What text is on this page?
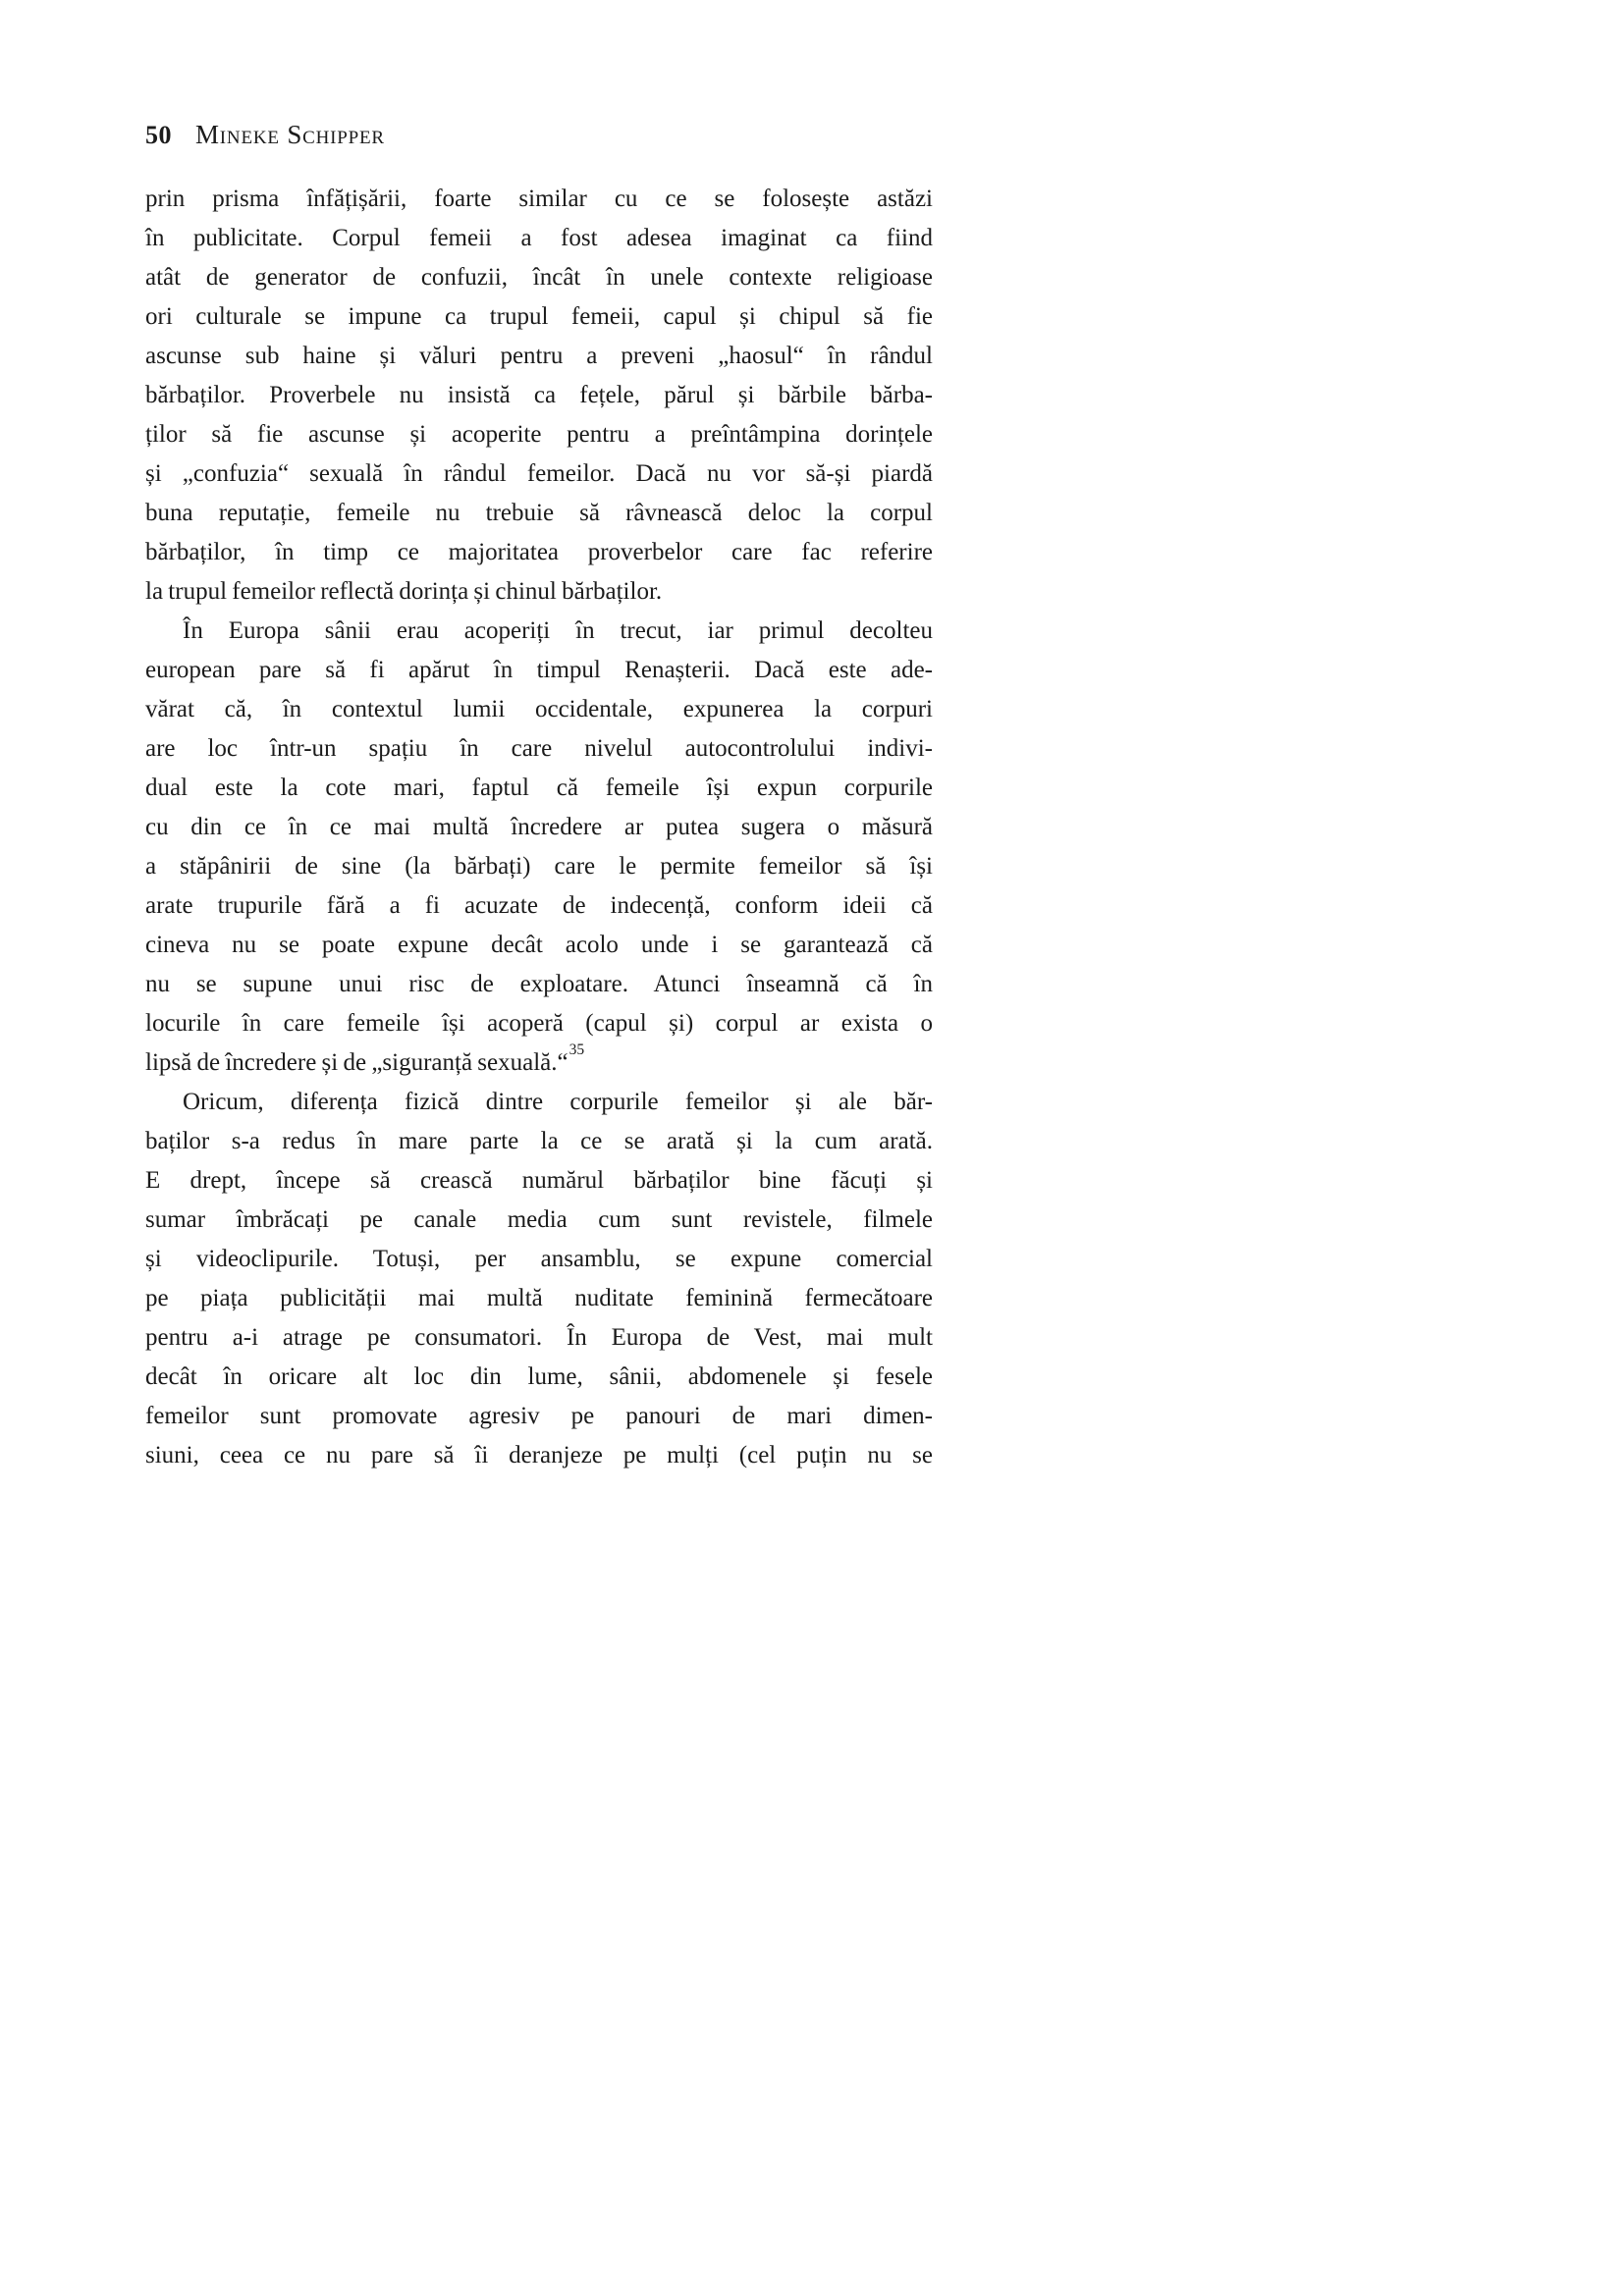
50 Mineke Schipper
prin prisma înfățișării, foarte similar cu ce se folosește astăzi
în publicitate. Corpul femeii a fost adesea imaginat ca fiind
atât de generator de confuzii, încât în unele contexte religioase
ori culturale se impune ca trupul femeii, capul și chipul să fie
ascunse sub haine și văluri pentru a preveni „haosul“ în rândul
bărbaților. Proverbele nu insistă ca fețele, părul și bărbile bărba-
ților să fie ascunse și acoperite pentru a preîntâmpina dorințele
și „confuzia“ sexuală în rândul femeilor. Dacă nu vor să-și piardă
buna reputație, femeile nu trebuie să râvnească deloc la corpul
bărbaților, în timp ce majoritatea proverbelor care fac referire
la trupul femeilor reflectă dorința și chinul bărbaților.
În Europa sânii erau acoperiți în trecut, iar primul decolteu
european pare să fi apărut în timpul Renașterii. Dacă este ade-
vărat că, în contextul lumii occidentale, expunerea la corpuri
are loc într-un spațiu în care nivelul autocontrolului indivi-
dual este la cote mari, faptul că femeile își expun corpurile
cu din ce în ce mai multă încredere ar putea sugera o măsură
a stăpânirii de sine (la bărbați) care le permite femeilor să își
arate trupurile fără a fi acuzate de indecență, conform ideii că
cineva nu se poate expune decât acolo unde i se garantează că
nu se supune unui risc de exploatare. Atunci înseamnă că în
locurile în care femeile își acoperă (capul și) corpul ar exista o
lipsă de încredere și de „siguranță sexuală.“$^{35}$
Oricum, diferența fizică dintre corpurile femeilor și ale băr-
baților s-a redus în mare parte la ce se arată și la cum arată.
E drept, începe să crească numărul bărbaților bine făcuți și
sumar îmbrăcați pe canale media cum sunt revistele, filmele
și videoclipurile. Totuși, per ansamblu, se expune comercial
pe piața publicității mai multă nuditate feminină fermecătoare
pentru a-i atrage pe consumatori. În Europa de Vest, mai mult
decât în oricare alt loc din lume, sânii, abdomenele și fesele
femeilor sunt promovate agresiv pe panouri de mari dimen-
siuni, ceea ce nu pare să îi deranjeze pe mulți (cel puțin nu se
